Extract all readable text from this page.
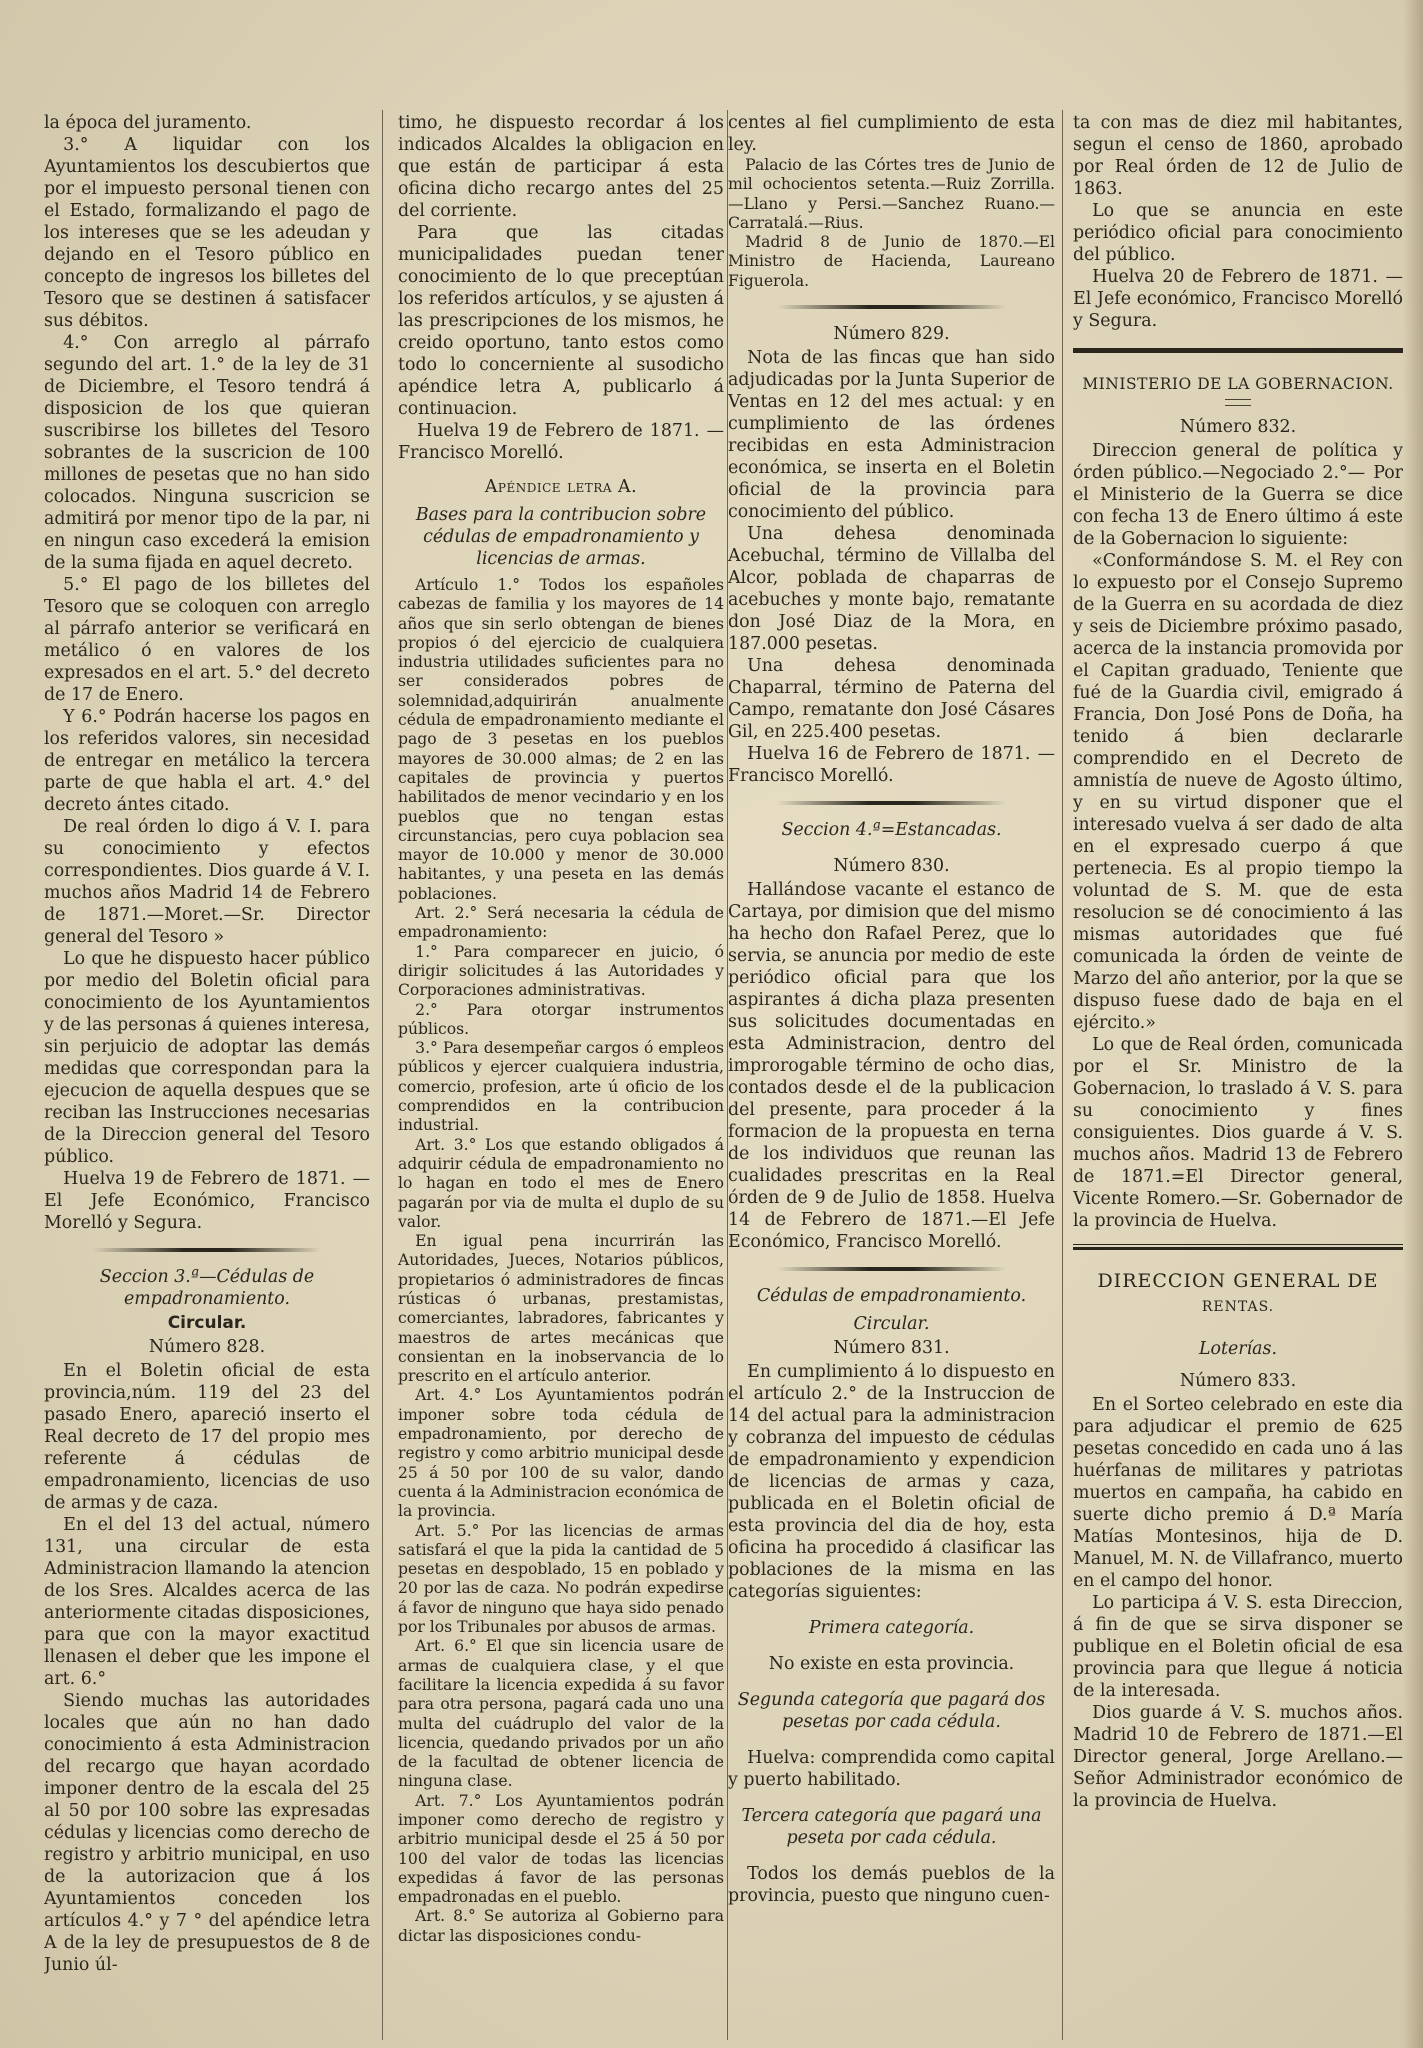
la época del juramento.

3.° A liquidar con los Ayuntamientos los descubiertos que por el impuesto personal tienen con el Estado, formalizando el pago de los intereses que se les adeudan y dejando en el Tesoro público en concepto de ingresos los billetes del Tesoro que se destinen á satisfacer sus débitos.

4.° Con arreglo al párrafo segundo del art. 1.° de la ley de 31 de Diciembre, el Tesoro tendrá á disposicion de los que quieran suscribirse los billetes del Tesoro sobrantes de la suscricion de 100 millones de pesetas que no han sido colocados. Ninguna suscricion se admitirá por menor tipo de la par, ni en ningun caso excederá la emision de la suma fijada en aquel decreto.

5.° El pago de los billetes del Tesoro que se coloquen con arreglo al párrafo anterior se verificará en metálico ó en valores de los expresados en el art. 5.° del decreto de 17 de Enero.

Y 6.° Podrán hacerse los pagos en los referidos valores, sin necesidad de entregar en metálico la tercera parte de que habla el art. 4.° del decreto ántes citado.

De real órden lo digo á V. I. para su conocimiento y efectos correspondientes. Dios guarde á V. I. muchos años Madrid 14 de Febrero de 1871.—Moret.—Sr. Director general del Tesoro »

Lo que he dispuesto hacer público por medio del Boletin oficial para conocimiento de los Ayuntamientos y de las personas á quienes interesa, sin perjuicio de adoptar las demás medidas que correspondan para la ejecucion de aquella despues que se reciban las Instrucciones necesarias de la Direccion general del Tesoro público.

Huelva 19 de Febrero de 1871. —El Jefe Económico, Francisco Morelló y Segura.

Seccion 3.ª—Cédulas de empadronamiento.

Circular.
Número 828.

En el Boletin oficial de esta provincia,núm. 119 del 23 del pasado Enero, apareció inserto el Real decreto de 17 del propio mes referente á cédulas de empadronamiento, licencias de uso de armas y de caza.

En el del 13 del actual, número 131, una circular de esta Administracion llamando la atencion de los Sres. Alcaldes acerca de las anteriormente citadas disposiciones, para que con la mayor exactitud llenasen el deber que les impone el art. 6.°

Siendo muchas las autoridades locales que aún no han dado conocimiento á esta Administracion del recargo que hayan acordado imponer dentro de la escala del 25 al 50 por 100 sobre las expresadas cédulas y licencias como derecho de registro y arbitrio municipal, en uso de la autorizacion que á los Ayuntamientos conceden los artículos 4.° y 7 ° del apéndice letra A de la ley de presupuestos de 8 de Junio úl-

timo, he dispuesto recordar á los indicados Alcaldes la obligacion en que están de participar á esta oficina dicho recargo antes del 25 del corriente.

Para que las citadas municipalidades puedan tener conocimiento de lo que preceptúan los referidos artículos, y se ajusten á las prescripciones de los mismos, he creido oportuno, tanto estos como todo lo concerniente al susodicho apéndice letra A, publicarlo á continuacion.

Huelva 19 de Febrero de 1871. —Francisco Morelló.

Apéndice letra A.

Bases para la contribucion sobre cédulas de empadronamiento y licencias de armas.

Artículo 1.° Todos los españoles cabezas de familia y los mayores de 14 años que sin serlo obtengan de bienes propios ó del ejercicio de cualquiera industria utilidades suficientes para no ser considerados pobres de solemnidad,adquirirán anualmente cédula de empadronamiento mediante el pago de 3 pesetas en los pueblos mayores de 30.000 almas; de 2 en las capitales de provincia y puertos habilitados de menor vecindario y en los pueblos que no tengan estas circunstancias, pero cuya poblacion sea mayor de 10.000 y menor de 30.000 habitantes, y una peseta en las demás poblaciones.

Art. 2.° Será necesaria la cédula de empadronamiento:

1.° Para comparecer en juicio, ó dirigir solicitudes á las Autoridades y Corporaciones administrativas.

2.° Para otorgar instrumentos públicos.

3.° Para desempeñar cargos ó empleos públicos y ejercer cualquiera industria, comercio, profesion, arte ú oficio de los comprendidos en la contribucion industrial.

Art. 3.° Los que estando obligados á adquirir cédula de empadronamiento no lo hagan en todo el mes de Enero pagarán por via de multa el duplo de su valor.

En igual pena incurrirán las Autoridades, Jueces, Notarios públicos, propietarios ó administradores de fincas rústicas ó urbanas, prestamistas, comerciantes, labradores, fabricantes y maestros de artes mecánicas que consientan en la inobservancia de lo prescrito en el artículo anterior.

Art. 4.° Los Ayuntamientos podrán imponer sobre toda cédula de empadronamiento, por derecho de registro y como arbitrio municipal desde 25 á 50 por 100 de su valor, dando cuenta á la Administracion económica de la provincia.

Art. 5.° Por las licencias de armas satisfará el que la pida la cantidad de 5 pesetas en despoblado, 15 en poblado y 20 por las de caza. No podrán expedirse á favor de ninguno que haya sido penado por los Tribunales por abusos de armas.

Art. 6.° El que sin licencia usare de armas de cualquiera clase, y el que facilitare la licencia expedida á su favor para otra persona, pagará cada uno una multa del cuádruplo del valor de la licencia, quedando privados por un año de la facultad de obtener licencia de ninguna clase.

Art. 7.° Los Ayuntamientos podrán imponer como derecho de registro y arbitrio municipal desde el 25 á 50 por 100 del valor de todas las licencias expedidas á favor de las personas empadronadas en el pueblo.

Art. 8.° Se autoriza al Gobierno para dictar las disposiciones condu-

centes al fiel cumplimiento de esta ley.

Palacio de las Córtes tres de Junio de mil ochocientos setenta.—Ruiz Zorrilla.—Llano y Persi.—Sanchez Ruano.—Carratalá.—Rius.

Madrid 8 de Junio de 1870.—El Ministro de Hacienda, Laureano Figuerola.

Número 829.

Nota de las fincas que han sido adjudicadas por la Junta Superior de Ventas en 12 del mes actual: y en cumplimiento de las órdenes recibidas en esta Administracion económica, se inserta en el Boletin oficial de la provincia para conocimiento del público.

Una dehesa denominada Acebuchal, término de Villalba del Alcor, poblada de chaparras de acebuches y monte bajo, rematante don José Diaz de la Mora, en 187.000 pesetas.

Una dehesa denominada Chaparral, término de Paterna del Campo, rematante don José Cásares Gil, en 225.400 pesetas.

Huelva 16 de Febrero de 1871. —Francisco Morelló.

Seccion 4.ª=Estancadas.

Número 830.

Hallándose vacante el estanco de Cartaya, por dimision que del mismo ha hecho don Rafael Perez, que lo servia, se anuncia por medio de este periódico oficial para que los aspirantes á dicha plaza presenten sus solicitudes documentadas en esta Administracion, dentro del improrogable término de ocho dias, contados desde el de la publicacion del presente, para proceder á la formacion de la propuesta en terna de los individuos que reunan las cualidades prescritas en la Real órden de 9 de Julio de 1858. Huelva 14 de Febrero de 1871.—El Jefe Económico, Francisco Morelló.

Cédulas de empadronamiento.

Circular.

Número 831.

En cumplimiento á lo dispuesto en el artículo 2.° de la Instruccion de 14 del actual para la administracion y cobranza del impuesto de cédulas de empadronamiento y expendicion de licencias de armas y caza, publicada en el Boletin oficial de esta provincia del dia de hoy, esta oficina ha procedido á clasificar las poblaciones de la misma en las categorías siguientes:

Primera categoría.
No existe en esta provincia.
Segunda categoría que pagará dos pesetas por cada cédula.

Huelva: comprendida como capital y puerto habilitado.

Tercera categoría que pagará una peseta por cada cédula.

Todos los demás pueblos de la provincia, puesto que ninguno cuen-

ta con mas de diez mil habitantes, segun el censo de 1860, aprobado por Real órden de 12 de Julio de 1863.

Lo que se anuncia en este periódico oficial para conocimiento del público.

Huelva 20 de Febrero de 1871. —El Jefe económico, Francisco Morelló y Segura.

MINISTERIO DE LA GOBERNACION.
Número 832.

Direccion general de política y órden público.—Negociado 2.°— Por el Ministerio de la Guerra se dice con fecha 13 de Enero último á este de la Gobernacion lo siguiente:

«Conformándose S. M. el Rey con lo expuesto por el Consejo Supremo de la Guerra en su acordada de diez y seis de Diciembre próximo pasado, acerca de la instancia promovida por el Capitan graduado, Teniente que fué de la Guardia civil, emigrado á Francia, Don José Pons de Doña, ha tenido á bien declararle comprendido en el Decreto de amnistía de nueve de Agosto último, y en su virtud disponer que el interesado vuelva á ser dado de alta en el expresado cuerpo á que pertenecia. Es al propio tiempo la voluntad de S. M. que de esta resolucion se dé conocimiento á las mismas autoridades que fué comunicada la órden de veinte de Marzo del año anterior, por la que se dispuso fuese dado de baja en el ejército.»

Lo que de Real órden, comunicada por el Sr. Ministro de la Gobernacion, lo traslado á V. S. para su conocimiento y fines consiguientes. Dios guarde á V. S. muchos años. Madrid 13 de Febrero de 1871.=El Director general, Vicente Romero.—Sr. Gobernador de la provincia de Huelva.

DIRECCION GENERAL DE
RENTAS.
Loterías.
Número 833.

En el Sorteo celebrado en este dia para adjudicar el premio de 625 pesetas concedido en cada uno á las huérfanas de militares y patriotas muertos en campaña, ha cabido en suerte dicho premio á D.ª María Matías Montesinos, hija de D. Manuel, M. N. de Villafranco, muerto en el campo del honor.

Lo participa á V. S. esta Direccion, á fin de que se sirva disponer se publique en el Boletin oficial de esa provincia para que llegue á noticia de la interesada.

Dios guarde á V. S. muchos años. Madrid 10 de Febrero de 1871.—El Director general, Jorge Arellano.—Señor Administrador económico de la provincia de Huelva.
